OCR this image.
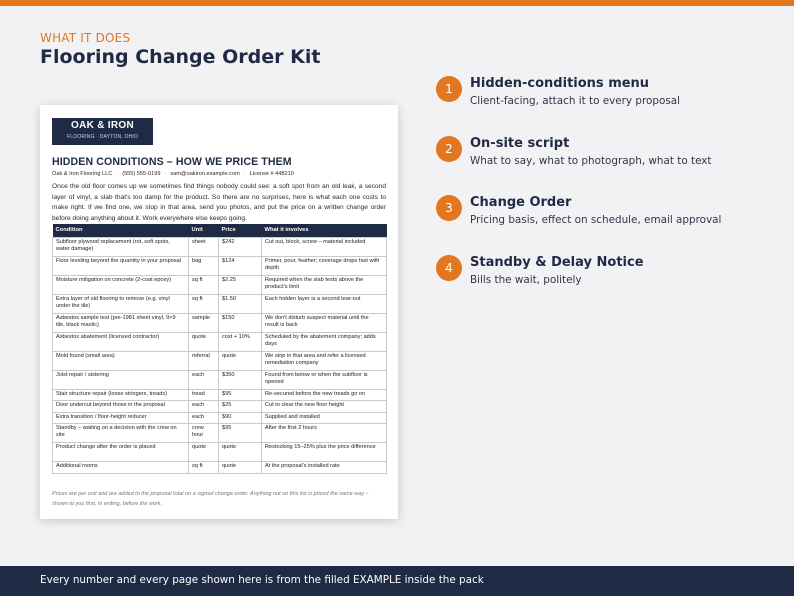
WHAT IT DOES
Flooring Change Order Kit
OAK & IRON
FLOORING · DAYTON, OHIO
HIDDEN CONDITIONS – HOW WE PRICE THEM
Oak & Iron Flooring LLC · (555) 555-0199 · sam@oakiron.example.com · License # 448210

Once the old floor comes up we sometimes find things nobody could see: a soft spot from an old leak, a second layer of vinyl, a slab that's too damp for the product. So there are no surprises, here is what each one costs to make right. If we find one, we stop in that area, send you photos, and put the price on a written change order before doing anything about it. Work everywhere else keeps going.

Condition	Unit	Price	What it involves
Subfloor plywood replacement (rot, soft spots, water damage)	sheet	$242	Cut out, block, screw – material included
Floor leveling beyond the quantity in your proposal	bag	$124	Primer, pour, feather; coverage drops fast with depth
Moisture mitigation on concrete (2-coat epoxy)	sq ft	$2.25	Required when the slab tests above the product's limit
Extra layer of old flooring to remove (e.g. vinyl under the tile)	sq ft	$1.50	Each hidden layer is a second tear-out
Asbestos sample test (pre-1981 sheet vinyl, 9×9 tile, black mastic)	sample	$150	We don't disturb suspect material until the result is back
Asbestos abatement (licensed contractor)	quote	cost + 10%	Scheduled by the abatement company; adds days
Mold found (small area)	referral	quote	We stop in that area and refer a licensed remediation company
Joist repair / sistering	each	$350	Found from below or when the subfloor is opened
Stair structure repair (loose stringers, treads)	tread	$95	Re-secured before the new treads go on
Door undercut beyond those in the proposal	each	$25	Cut to clear the new floor height
Extra transition / floor-height reducer	each	$90	Supplied and installed
Standby – waiting on a decision with the crew on site	crew hour	$95	After the first 2 hours
Product change after the order is placed	quote	quote	Restocking 15–25% plus the price difference
Additional rooms	sq ft	quote	At the proposal's installed rate

Prices are per unit and are added to the proposal total on a signed change order. Anything not on this list is priced the same way – shown to you first, in writing, before the work.

1	Hidden-conditions menu
Client-facing, attach it to every proposal
2	On-site script
What to say, what to photograph, what to text
3	Change Order
Pricing basis, effect on schedule, email approval
4	Standby & Delay Notice
Bills the wait, politely
Every number and every page shown here is from the filled EXAMPLE inside the pack
